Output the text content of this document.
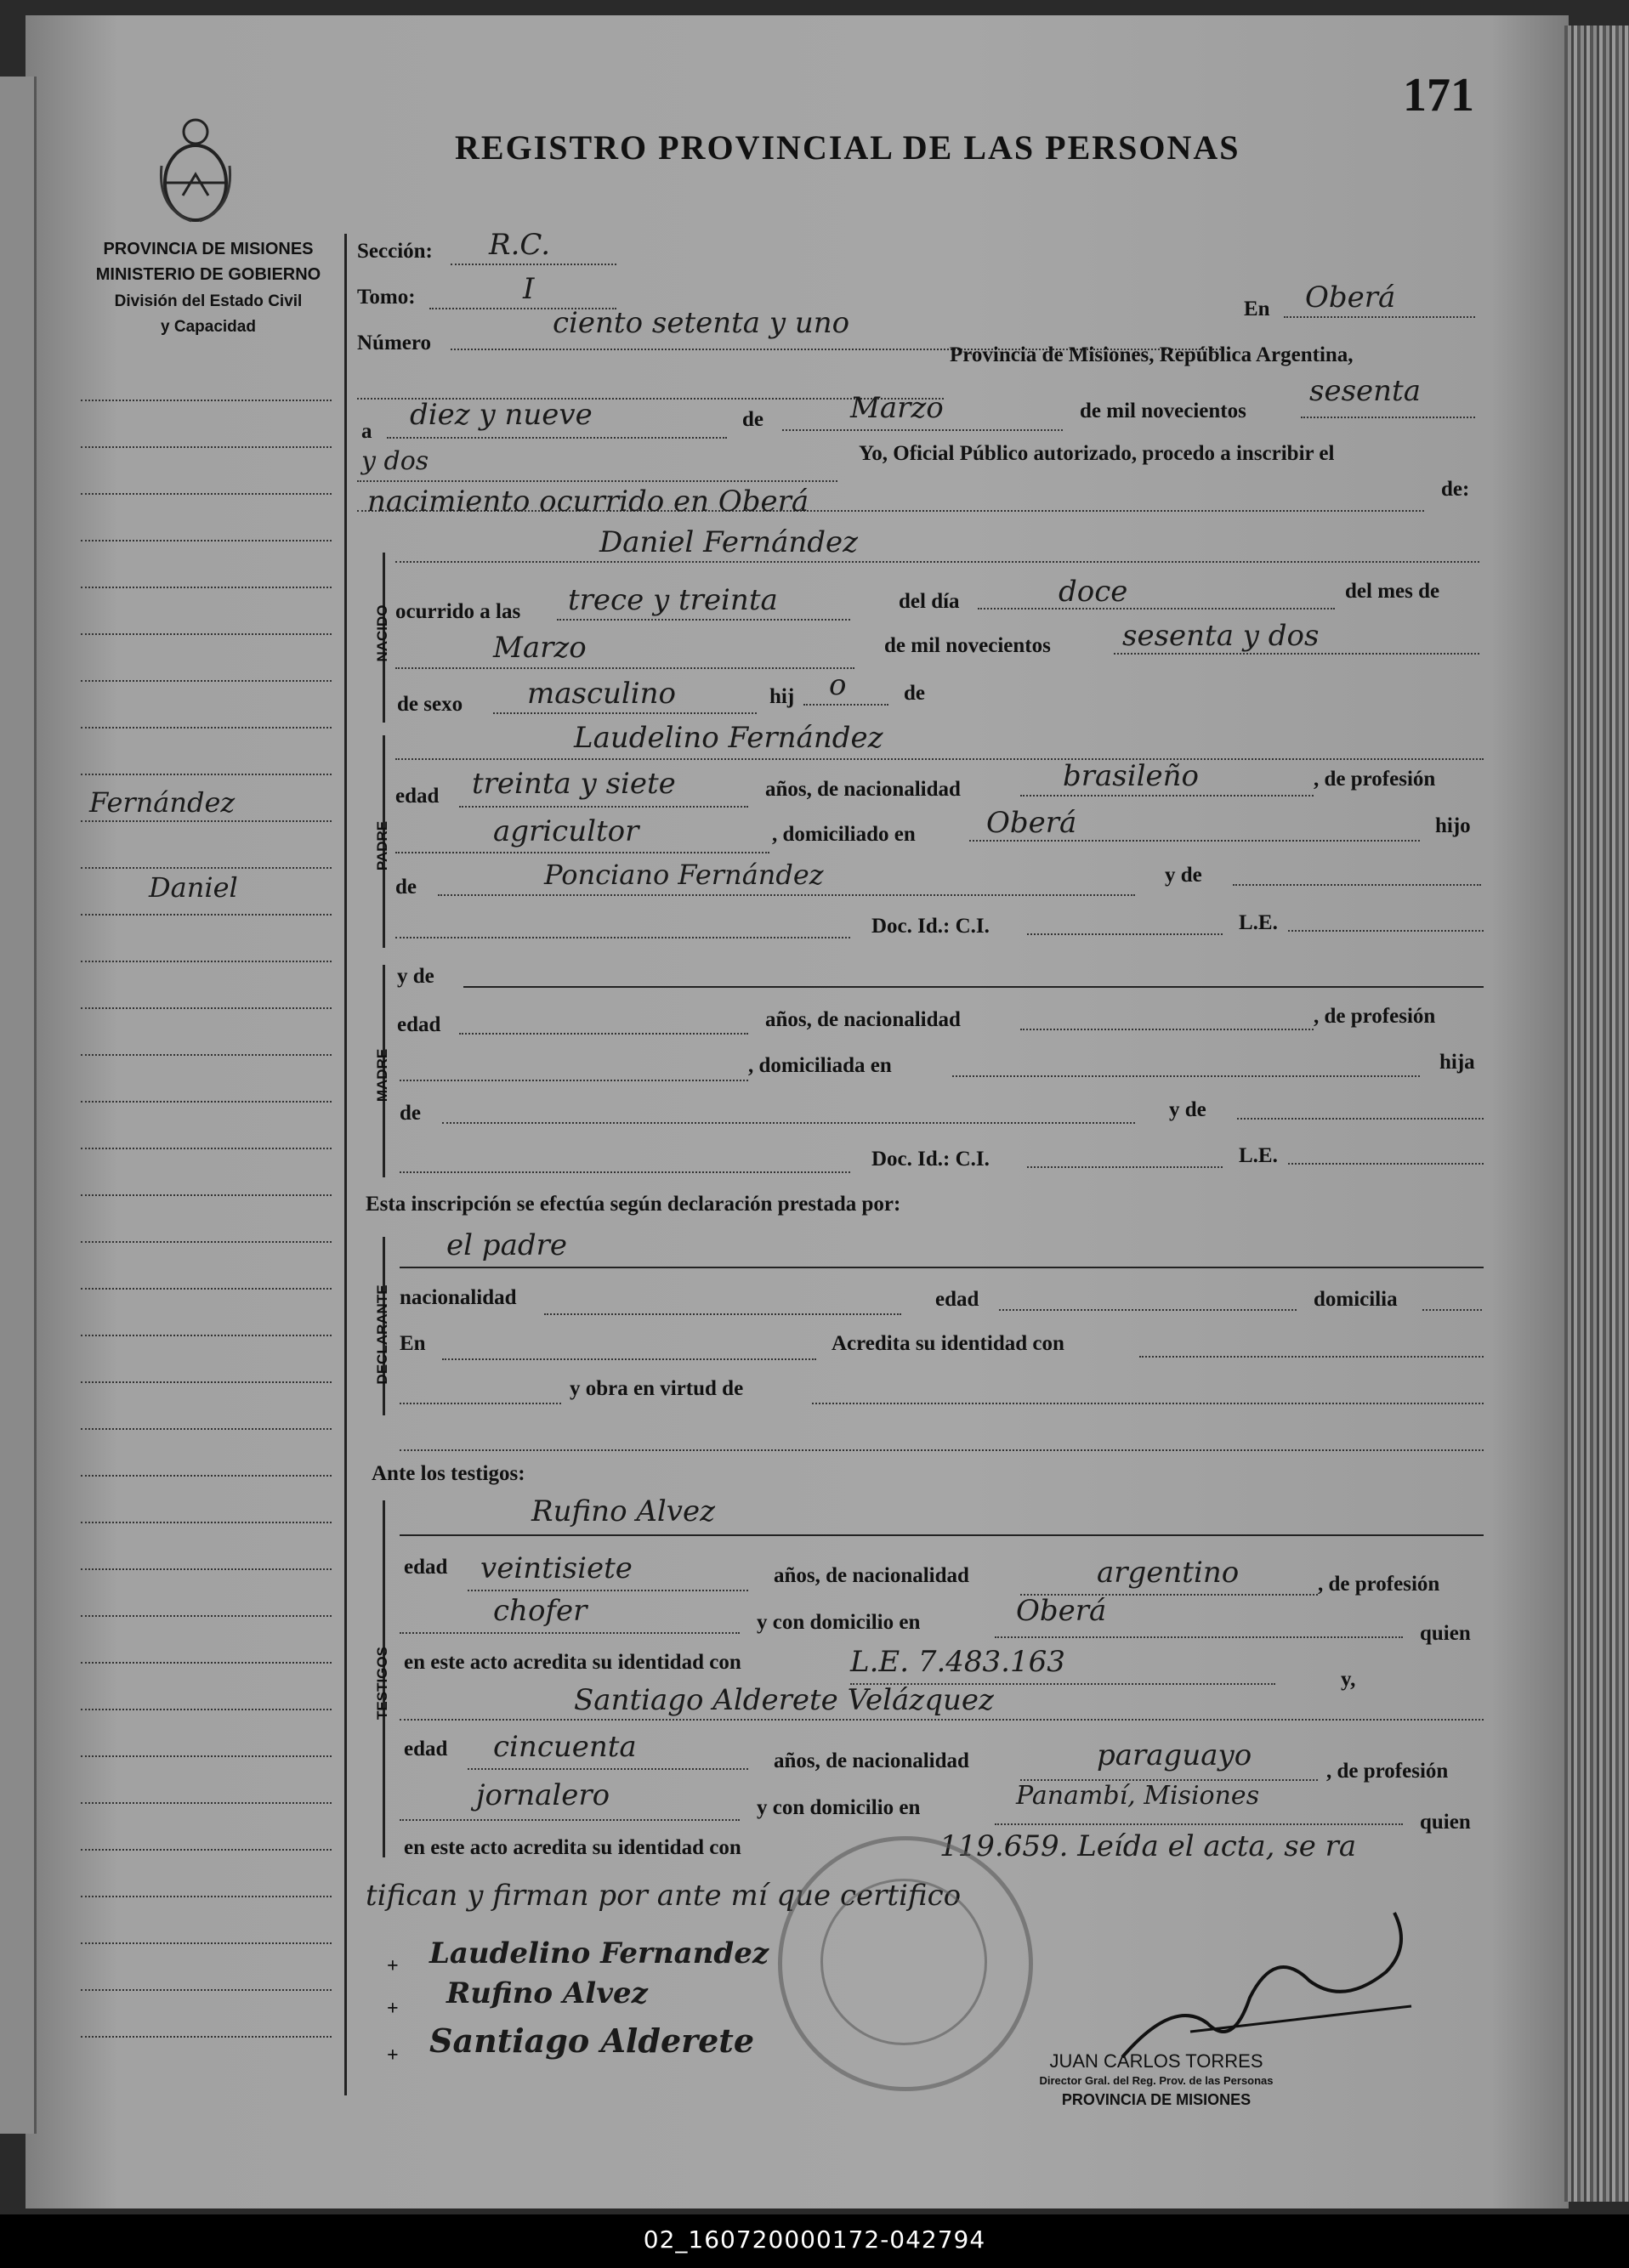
171
REGISTRO PROVINCIAL DE LAS PERSONAS
PROVINCIA DE MISIONES
MINISTERIO DE GOBIERNO
División del Estado Civil
y Capacidad
Fernández
Daniel
Sección: R.C.
Tomo:	I
Número
ciento setenta y uno	En Oberá
Provincia de Misiones, República Argentina,
a diez y nueve	de	Marzo	de mil novecientos
sesenta
y dos	Yo, Oficial Público autorizado, procedo a inscribir el
nacimiento ocurrido en Oberá	de:
NACIDO
Daniel Fernández
ocurrido a las trece y treinta	del día	doce	del mes de
Marzo	de mil novecientos sesenta y dos
de sexo masculino	hij o	de
PADRE
Laudelino Fernández
edad treinta y siete	años, de nacionalidad	brasileño	, de profesión
agricultor	, domiciliado en Oberá	hijo
de	Ponciano Fernández	y de
Doc. Id.: C.I.	L.E.
MADRE
y de
edad	años, de nacionalidad	, de profesión
, domiciliada en	hija
de	y de
Doc. Id.: C.I.	L.E.
Esta inscripción se efectúa según declaración prestada por:
DECLARANTE
el padre
nacionalidad	edad	domicilia
En	Acredita su identidad con
y obra en virtud de
Ante los testigos:
TESTIGOS
Rufino Alvez
edad veintisiete	años, de nacionalidad	argentino	, de profesión
chofer	y con domicilio en	Oberá
quien
en este acto acredita su identidad con	L.E. 7.483.163
y,
Santiago Alderete Velázquez
edad cincuenta	años, de nacionalidad	paraguayo	, de profesión
jornalero	y con domicilio en	Panambí, Misiones
quien
en este acto acredita su identidad con	119.659. Leída el acta, se ra
tifican y firman por ante mí que certifico
+ Laudelino Fernandez
+ Rufino Alvez
+ Santiago Alderete
JUAN CARLOS TORRES
Director Gral. del Reg. Prov. de las Personas
PROVINCIA DE MISIONES
02_160720000172-042794
